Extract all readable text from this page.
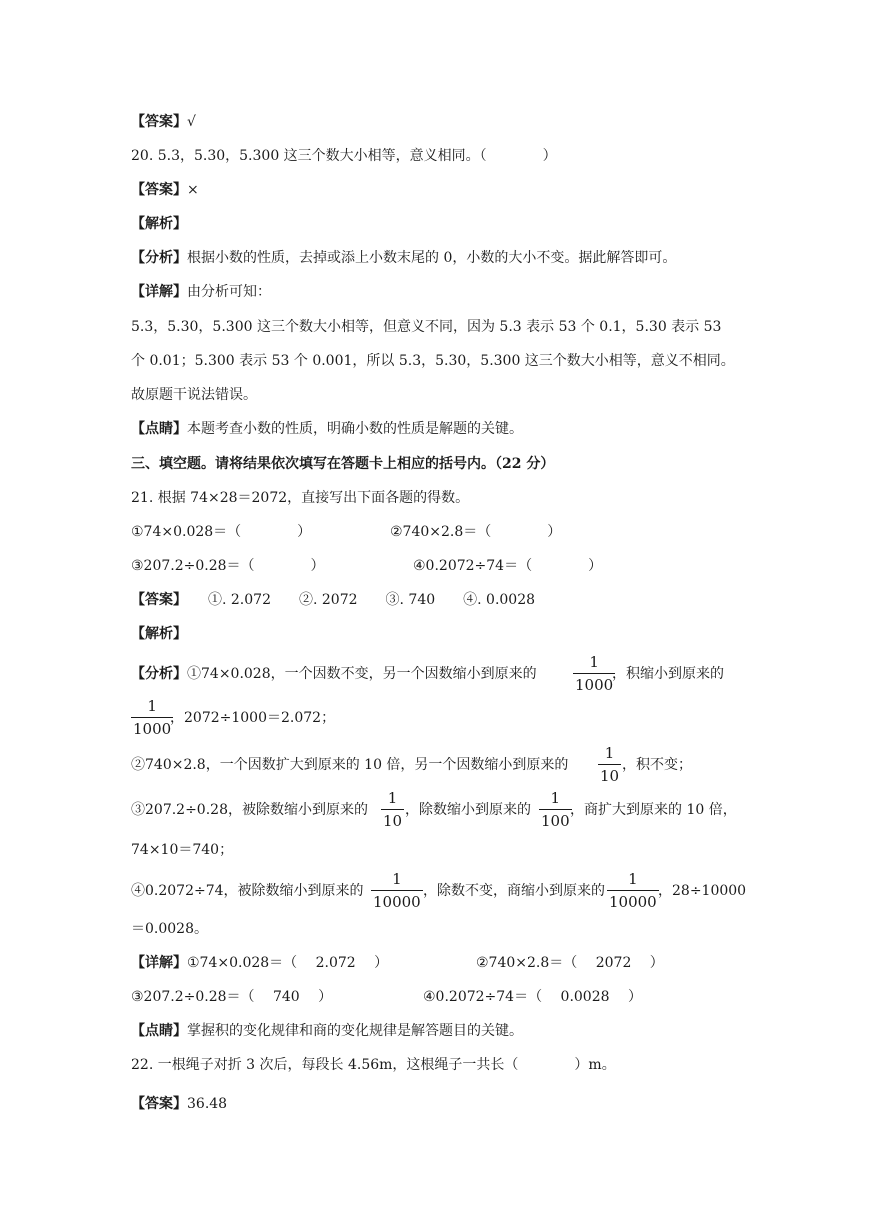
【答案】√
20. 5.3，5.30，5.300 这三个数大小相等，意义相同。（　　　　）
【答案】×
【解析】
【分析】根据小数的性质，去掉或添上小数末尾的 0，小数的大小不变。据此解答即可。
【详解】由分析可知：
5.3，5.30，5.300 这三个数大小相等，但意义不同，因为 5.3 表示 53 个 0.1，5.30 表示 53
个 0.01；5.300 表示 53 个 0.001，所以 5.3，5.30，5.300 这三个数大小相等，意义不相同。
故原题干说法错误。
【点睛】本题考查小数的性质，明确小数的性质是解题的关键。
三、填空题。请将结果依次填写在答题卡上相应的括号内。（22 分）
21. 根据 74×28＝2072，直接写出下面各题的得数。
①74×0.028＝（　　　　）	②740×2.8＝（　　　　）
③207.2÷0.28＝（　　　　）	④0.2072÷74＝（　　　　）
【答案】　　①. 2.072　　②. 2072　　③. 740　　④. 0.0028
【解析】
【分析】①74×0.028，一个因数不变，另一个因数缩小到原来的
1
1000
，积缩小到原来的
1
1000
，2072÷1000＝2.072；
②740×2.8，一个因数扩大到原来的 10 倍，另一个因数缩小到原来的
1
10
，积不变；
③207.2÷0.28，被除数缩小到原来的
1
10
，除数缩小到原来的
1
100
，商扩大到原来的 10 倍，
74×10＝740；
④0.2072÷74，被除数缩小到原来的
1
10000
，除数不变，商缩小到原来的
1
10000
，28÷10000
＝0.0028。
【详解】①74×0.028＝（　 2.072　 ）	②740×2.8＝（　 2072　 ）
③207.2÷0.28＝（　 740　 ）	④0.2072÷74＝（　 0.0028　 ）
【点睛】掌握积的变化规律和商的变化规律是解答题目的关键。
22. 一根绳子对折 3 次后，每段长 4.56m，这根绳子一共长（　　　　）m。
【答案】36.48
